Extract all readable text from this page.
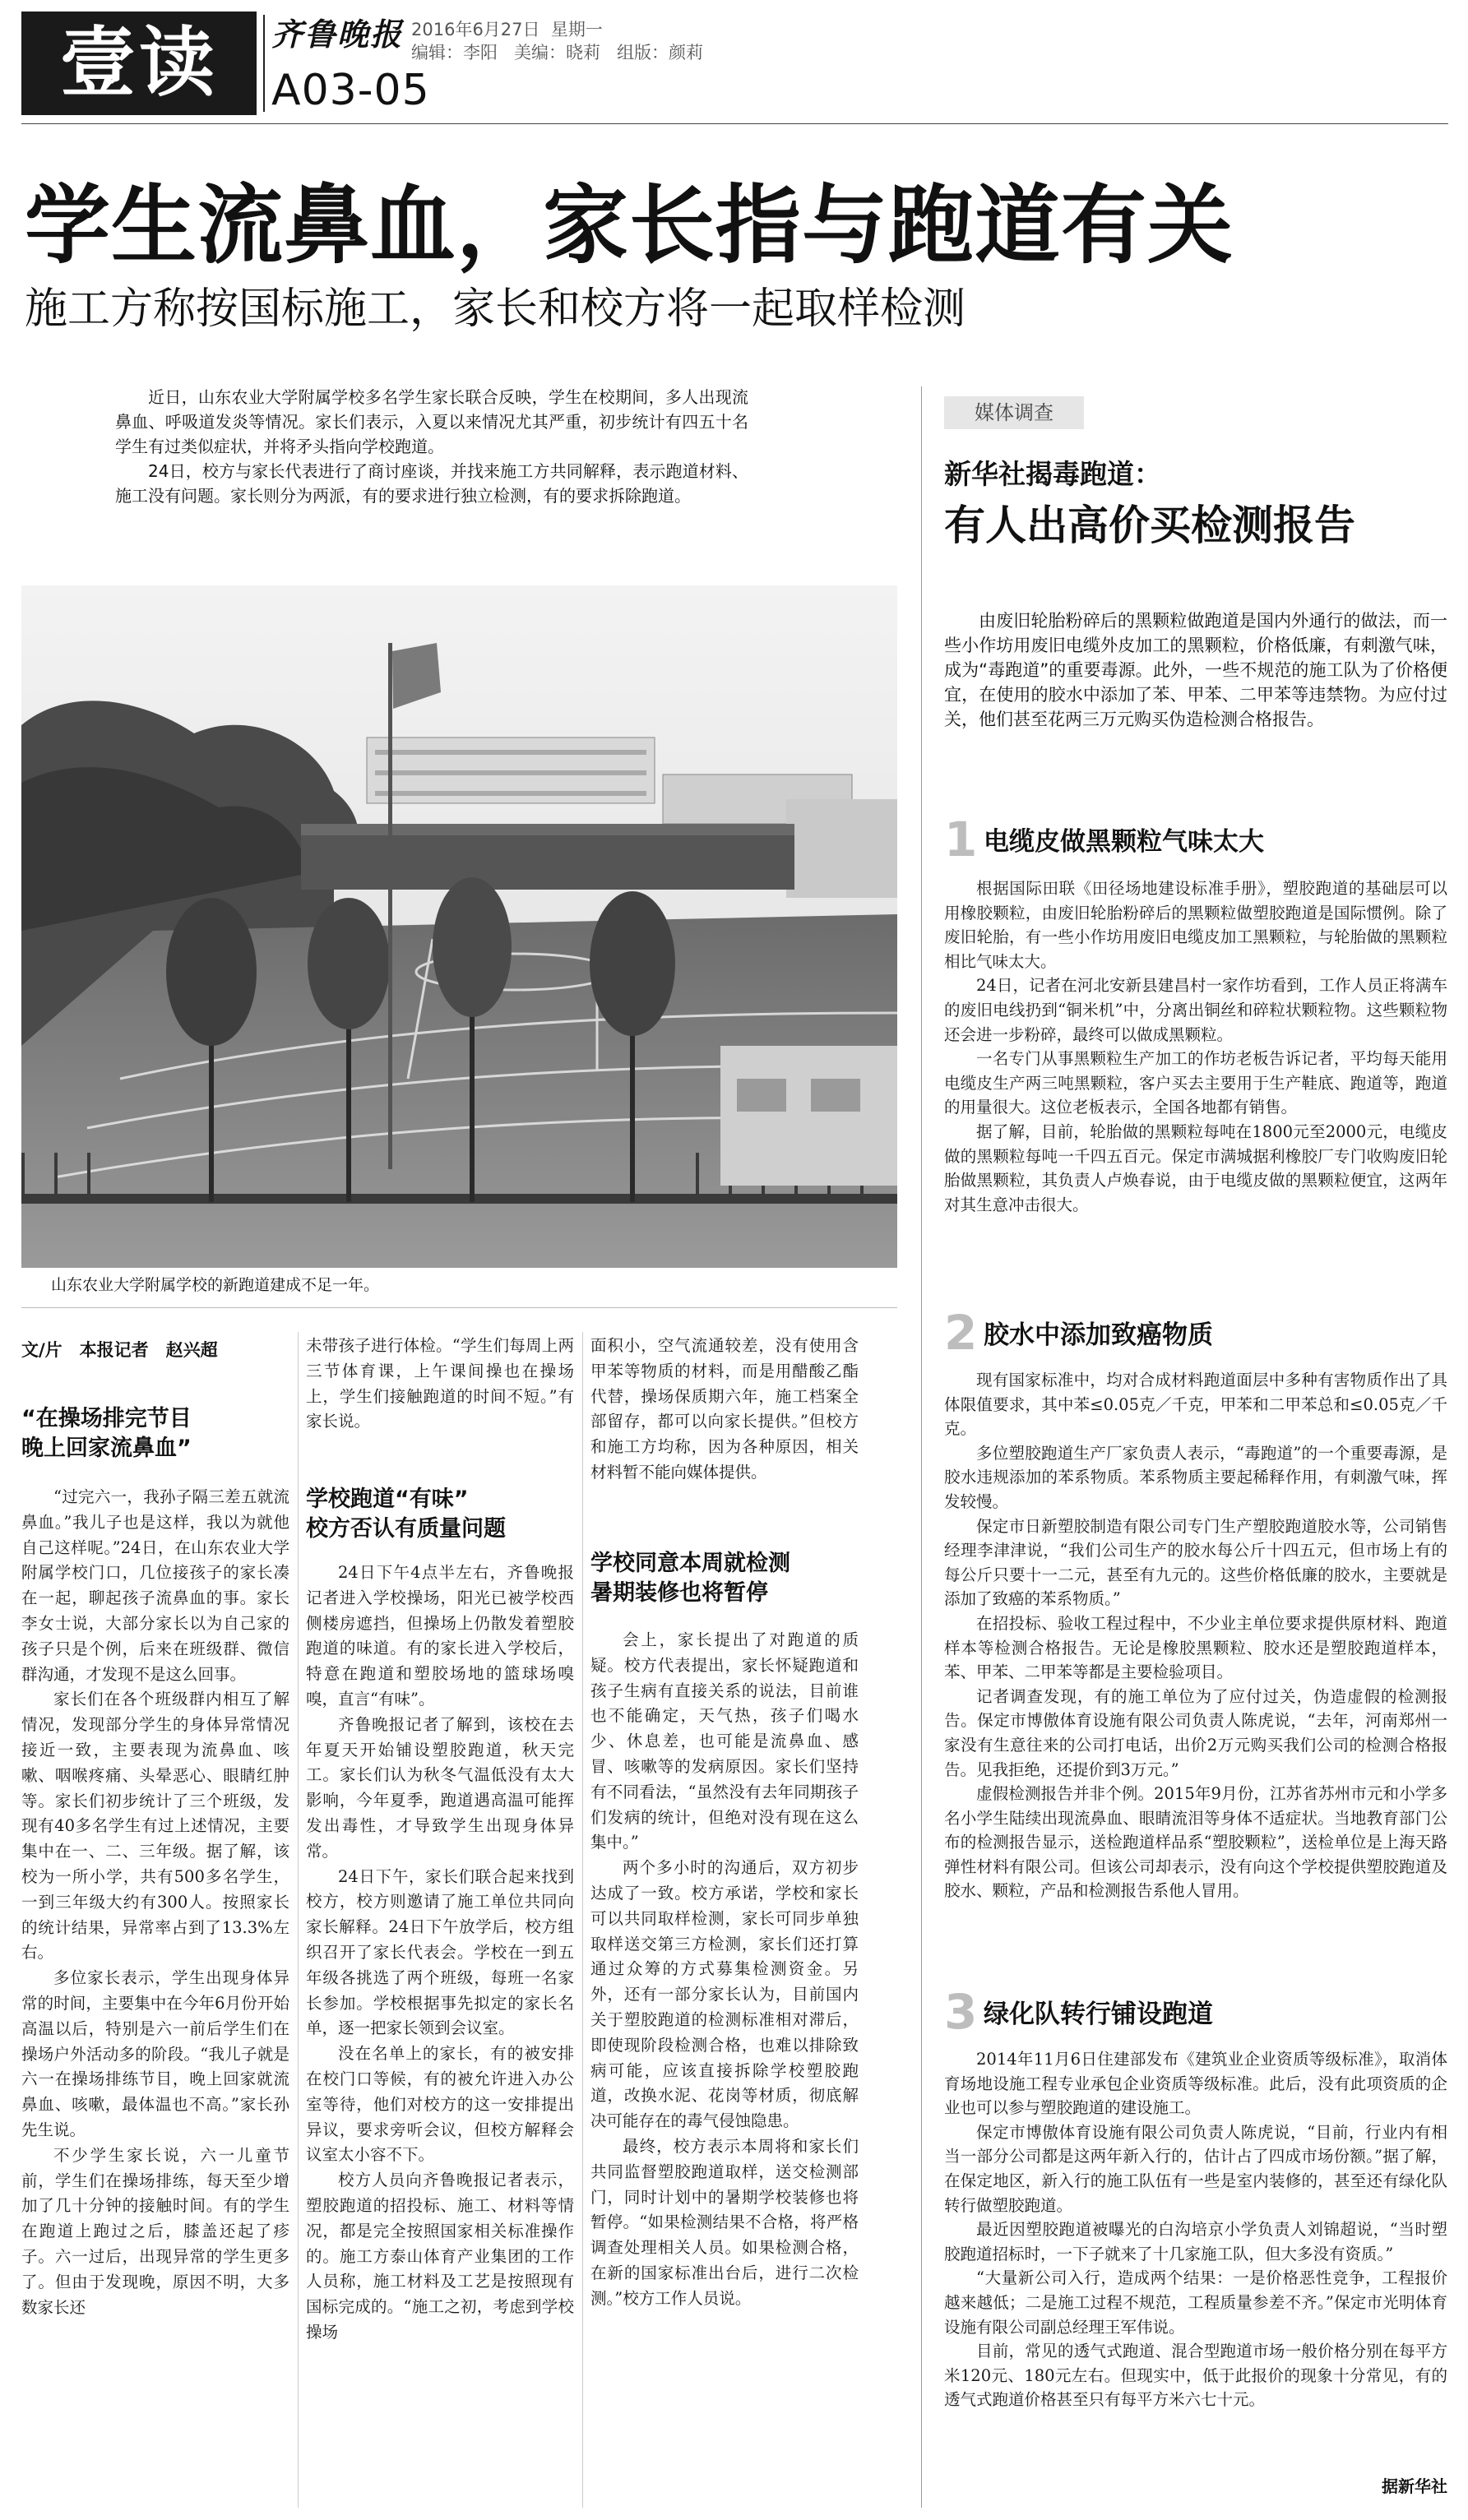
壹读	齐鲁晚报
A03-05
2016年6月27日 星期一
编辑：李阳 美编：晓莉 组版：颜莉
学生流鼻血，家长指与跑道有关
施工方称按国标施工，家长和校方将一起取样检测

近日，山东农业大学附属学校多名学生家长联合反映，学生在校期间，多人出现流鼻血、呼吸道发炎等情况。家长们表示，入夏以来情况尤其严重，初步统计有四五十名学生有过类似症状，并将矛头指向学校跑道。

24日，校方与家长代表进行了商讨座谈，并找来施工方共同解释，表示跑道材料、施工没有问题。家长则分为两派，有的要求进行独立检测，有的要求拆除跑道。

山东农业大学附属学校的新跑道建成不足一年。
文/片　本报记者　赵兴超
“在操场排完节目
晚上回家流鼻血”

“过完六一，我孙子隔三差五就流鼻血。”我儿子也是这样，我以为就他自己这样呢。”24日，在山东农业大学附属学校门口，几位接孩子的家长凑在一起，聊起孩子流鼻血的事。家长李女士说，大部分家长以为自己家的孩子只是个例，后来在班级群、微信群沟通，才发现不是这么回事。

家长们在各个班级群内相互了解情况，发现部分学生的身体异常情况接近一致，主要表现为流鼻血、咳嗽、咽喉疼痛、头晕恶心、眼睛红肿等。家长们初步统计了三个班级，发现有40多名学生有过上述情况，主要集中在一、二、三年级。据了解，该校为一所小学，共有500多名学生，一到三年级大约有300人。按照家长的统计结果，异常率占到了13.3%左右。

多位家长表示，学生出现身体异常的时间，主要集中在今年6月份开始高温以后，特别是六一前后学生们在操场户外活动多的阶段。“我儿子就是六一在操场排练节目，晚上回家就流鼻血、咳嗽，最体温也不高。”家长孙先生说。

不少学生家长说，六一儿童节前，学生们在操场排练，每天至少增加了几十分钟的接触时间。有的学生在跑道上跑过之后，膝盖还起了疹子。六一过后，出现异常的学生更多了。但由于发现晚，原因不明，大多数家长还

未带孩子进行体检。“学生们每周上两三节体育课，上午课间操也在操场上，学生们接触跑道的时间不短。”有家长说。

学校跑道“有味”
校方否认有质量问题

24日下午4点半左右，齐鲁晚报记者进入学校操场，阳光已被学校西侧楼房遮挡，但操场上仍散发着塑胶跑道的味道。有的家长进入学校后，特意在跑道和塑胶场地的篮球场嗅嗅，直言“有味”。

齐鲁晚报记者了解到，该校在去年夏天开始铺设塑胶跑道，秋天完工。家长们认为秋冬气温低没有太大影响，今年夏季，跑道遇高温可能挥发出毒性，才导致学生出现身体异常。

24日下午，家长们联合起来找到校方，校方则邀请了施工单位共同向家长解释。24日下午放学后，校方组织召开了家长代表会。学校在一到五年级各挑选了两个班级，每班一名家长参加。学校根据事先拟定的家长名单，逐一把家长领到会议室。

没在名单上的家长，有的被安排在校门口等候，有的被允许进入办公室等待，他们对校方的这一安排提出异议，要求旁听会议，但校方解释会议室太小容不下。

校方人员向齐鲁晚报记者表示，塑胶跑道的招投标、施工、材料等情况，都是完全按照国家相关标准操作的。施工方泰山体育产业集团的工作人员称，施工材料及工艺是按照现有国标完成的。“施工之初，考虑到学校操场

面积小，空气流通较差，没有使用含甲苯等物质的材料，而是用醋酸乙酯代替，操场保质期六年，施工档案全部留存，都可以向家长提供。”但校方和施工方均称，因为各种原因，相关材料暂不能向媒体提供。

学校同意本周就检测
暑期装修也将暂停

会上，家长提出了对跑道的质疑。校方代表提出，家长怀疑跑道和孩子生病有直接关系的说法，目前谁也不能确定，天气热，孩子们喝水少、休息差，也可能是流鼻血、感冒、咳嗽等的发病原因。家长们坚持有不同看法，“虽然没有去年同期孩子们发病的统计，但绝对没有现在这么集中。”

两个多小时的沟通后，双方初步达成了一致。校方承诺，学校和家长可以共同取样检测，家长可同步单独取样送交第三方检测，家长们还打算通过众筹的方式募集检测资金。另外，还有一部分家长认为，目前国内关于塑胶跑道的检测标准相对滞后，即使现阶段检测合格，也难以排除致病可能，应该直接拆除学校塑胶跑道，改换水泥、花岗等材质，彻底解决可能存在的毒气侵蚀隐患。

最终，校方表示本周将和家长们共同监督塑胶跑道取样，送交检测部门，同时计划中的暑期学校装修也将暂停。“如果检测结果不合格，将严格调查处理相关人员。如果检测合格，在新的国家标准出台后，进行二次检测。”校方工作人员说。

媒体调查
新华社揭毒跑道：
有人出高价买检测报告

由废旧轮胎粉碎后的黑颗粒做跑道是国内外通行的做法，而一些小作坊用废旧电缆外皮加工的黑颗粒，价格低廉，有刺激气味，成为“毒跑道”的重要毒源。此外，一些不规范的施工队为了价格便宜，在使用的胶水中添加了苯、甲苯、二甲苯等违禁物。为应付过关，他们甚至花两三万元购买伪造检测合格报告。

1 电缆皮做黑颗粒气味太大

根据国际田联《田径场地建设标准手册》，塑胶跑道的基础层可以用橡胶颗粒，由废旧轮胎粉碎后的黑颗粒做塑胶跑道是国际惯例。除了废旧轮胎，有一些小作坊用废旧电缆皮加工黑颗粒，与轮胎做的黑颗粒相比气味太大。

24日，记者在河北安新县建昌村一家作坊看到，工作人员正将满车的废旧电线扔到“铜米机”中，分离出铜丝和碎粒状颗粒物。这些颗粒物还会进一步粉碎，最终可以做成黑颗粒。

一名专门从事黑颗粒生产加工的作坊老板告诉记者，平均每天能用电缆皮生产两三吨黑颗粒，客户买去主要用于生产鞋底、跑道等，跑道的用量很大。这位老板表示，全国各地都有销售。

据了解，目前，轮胎做的黑颗粒每吨在1800元至2000元，电缆皮做的黑颗粒每吨一千四五百元。保定市满城据利橡胶厂专门收购废旧轮胎做黑颗粒，其负责人卢焕春说，由于电缆皮做的黑颗粒便宜，这两年对其生意冲击很大。

2 胶水中添加致癌物质

现有国家标准中，均对合成材料跑道面层中多种有害物质作出了具体限值要求，其中苯≤0.05克／千克，甲苯和二甲苯总和≤0.05克／千克。

多位塑胶跑道生产厂家负责人表示，“毒跑道”的一个重要毒源，是胶水违规添加的苯系物质。苯系物质主要起稀释作用，有刺激气味，挥发较慢。

保定市日新塑胶制造有限公司专门生产塑胶跑道胶水等，公司销售经理李津津说，“我们公司生产的胶水每公斤十四五元，但市场上有的每公斤只要十一二元，甚至有九元的。这些价格低廉的胶水，主要就是添加了致癌的苯系物质。”

在招投标、验收工程过程中，不少业主单位要求提供原材料、跑道样本等检测合格报告。无论是橡胶黑颗粒、胶水还是塑胶跑道样本，苯、甲苯、二甲苯等都是主要检验项目。

记者调查发现，有的施工单位为了应付过关，伪造虚假的检测报告。保定市博傲体育设施有限公司负责人陈虎说，“去年，河南郑州一家没有生意往来的公司打电话，出价2万元购买我们公司的检测合格报告。见我拒绝，还提价到3万元。”

虚假检测报告并非个例。2015年9月份，江苏省苏州市元和小学多名小学生陆续出现流鼻血、眼睛流泪等身体不适症状。当地教育部门公布的检测报告显示，送检跑道样品系“塑胶颗粒”，送检单位是上海天路弹性材料有限公司。但该公司却表示，没有向这个学校提供塑胶跑道及胶水、颗粒，产品和检测报告系他人冒用。

3 绿化队转行铺设跑道

2014年11月6日住建部发布《建筑业企业资质等级标准》，取消体育场地设施工程专业承包企业资质等级标准。此后，没有此项资质的企业也可以参与塑胶跑道的建设施工。

保定市博傲体育设施有限公司负责人陈虎说，“目前，行业内有相当一部分公司都是这两年新入行的，估计占了四成市场份额。”据了解，在保定地区，新入行的施工队伍有一些是室内装修的，甚至还有绿化队转行做塑胶跑道。

最近因塑胶跑道被曝光的白沟培京小学负责人刘锦超说，“当时塑胶跑道招标时，一下子就来了十几家施工队，但大多没有资质。”

“大量新公司入行，造成两个结果：一是价格恶性竞争，工程报价越来越低；二是施工过程不规范，工程质量参差不齐。”保定市光明体育设施有限公司副总经理王军伟说。

目前，常见的透气式跑道、混合型跑道市场一般价格分别在每平方米120元、180元左右。但现实中，低于此报价的现象十分常见，有的透气式跑道价格甚至只有每平方米六七十元。

据新华社
